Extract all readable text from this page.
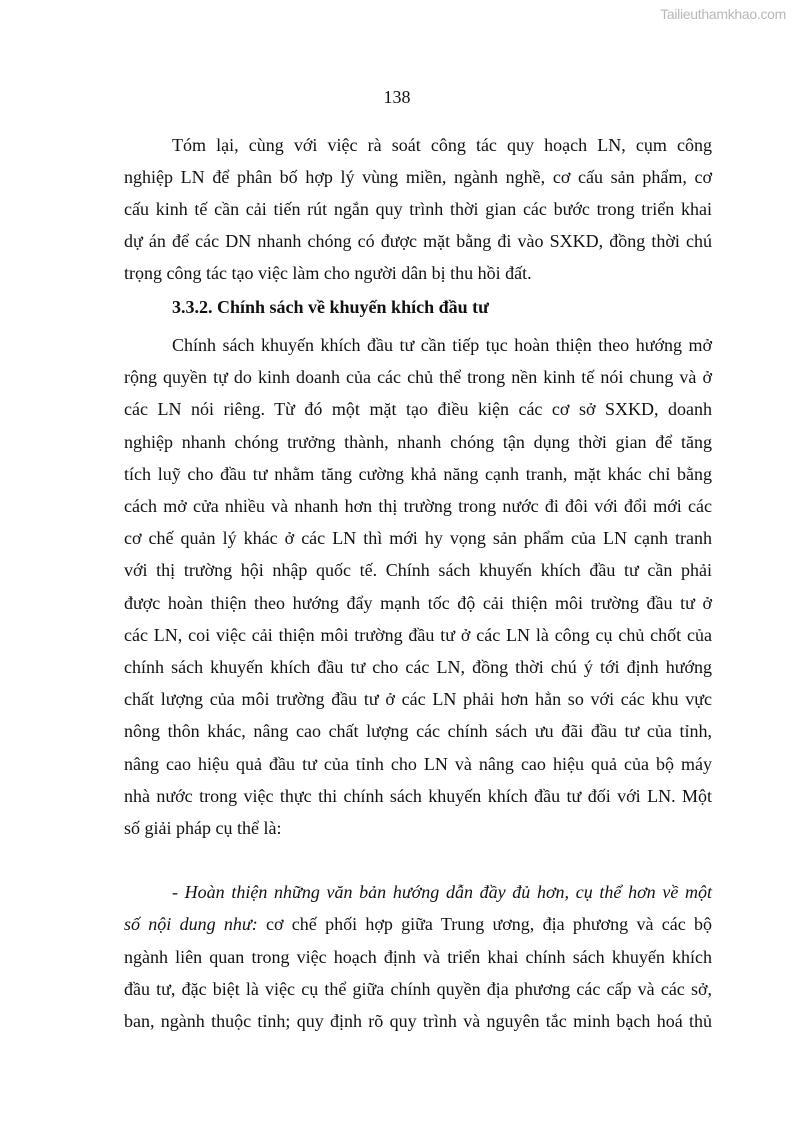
Tailieuthamkhao.com
138
Tóm lại, cùng với việc rà soát công tác quy hoạch LN, cụm công
nghiệp LN để phân bố hợp lý vùng miền, ngành nghề, cơ cấu sản phẩm, cơ
cấu kinh tế cần cải tiến rút ngắn quy trình thời gian các bước trong triển khai
dự án để các DN nhanh chóng có được mặt bằng đi vào SXKD, đồng thời chú
trọng công tác tạo việc làm cho người dân bị thu hồi đất.
3.3.2. Chính sách về khuyến khích đầu tư
Chính sách khuyến khích đầu tư cần tiếp tục hoàn thiện theo hướng mở
rộng quyền tự do kinh doanh của các chủ thể trong nền kinh tế nói chung và ở
các LN nói riêng. Từ đó một mặt tạo điều kiện các cơ sở SXKD, doanh
nghiệp nhanh chóng trưởng thành, nhanh chóng tận dụng thời gian để tăng
tích luỹ cho đầu tư nhằm tăng cường khả năng cạnh tranh, mặt khác chỉ bằng
cách mở cửa nhiều và nhanh hơn thị trường trong nước đi đôi với đổi mới các
cơ chế quản lý khác ở các LN thì mới hy vọng sản phẩm của LN cạnh tranh
với thị trường hội nhập quốc tế. Chính sách khuyến khích đầu tư cần phải
được hoàn thiện theo hướng đẩy mạnh tốc độ cải thiện môi trường đầu tư ở
các LN, coi việc cải thiện môi trường đầu tư ở các LN là công cụ chủ chốt của
chính sách khuyến khích đầu tư cho các LN, đồng thời chú ý tới định hướng
chất lượng của môi trường đầu tư ở các LN phải hơn hẳn so với các khu vực
nông thôn khác, nâng cao chất lượng các chính sách ưu đãi đầu tư của tỉnh,
nâng cao hiệu quả đầu tư của tỉnh cho LN và nâng cao hiệu quả của bộ máy
nhà nước trong việc thực thi chính sách khuyến khích đầu tư đối với LN. Một
số giải pháp cụ thể là:
- Hoàn thiện những văn bản hướng dẫn đầy đủ hơn, cụ thể hơn về một
số nội dung như: cơ chế phối hợp giữa Trung ương, địa phương và các bộ
ngành liên quan trong việc hoạch định và triển khai chính sách khuyến khích
đầu tư, đặc biệt là việc cụ thể giữa chính quyền địa phương các cấp và các sở,
ban, ngành thuộc tỉnh; quy định rõ quy trình và nguyên tắc minh bạch hoá thủ
